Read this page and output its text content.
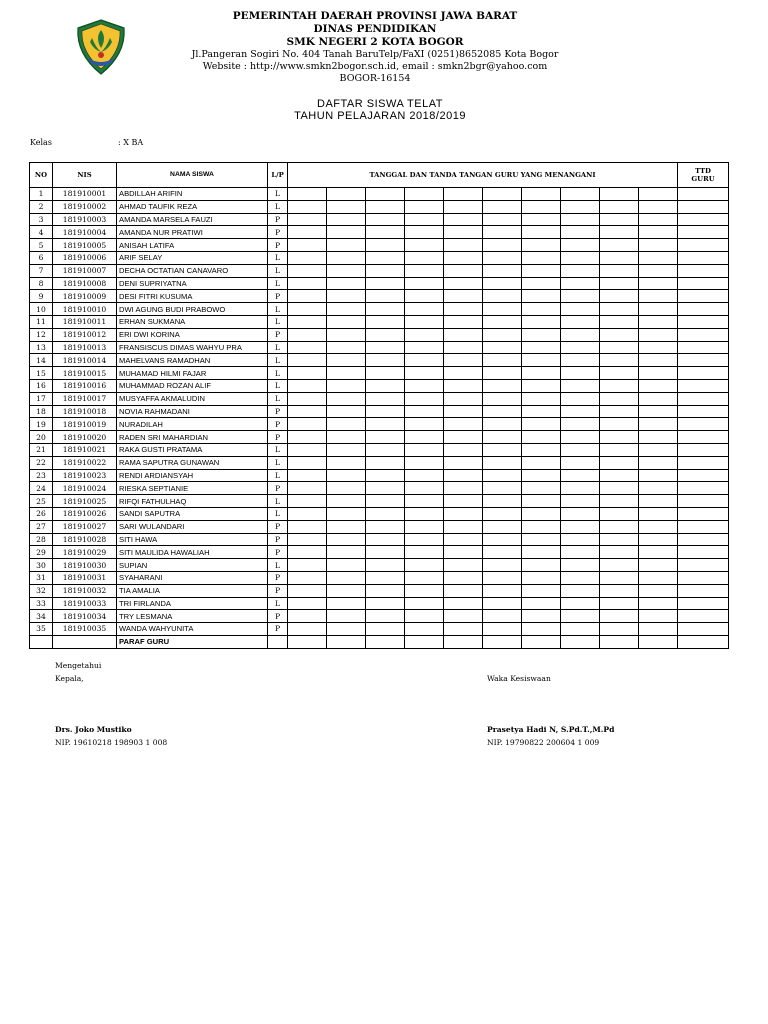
PEMERINTAH DAERAH PROVINSI JAWA BARAT
DINAS PENDIDIKAN
SMK NEGERI 2 KOTA BOGOR
Jl.Pangeran Sogiri No. 404 Tanah BaruTelp/FaXI (0251)8652085 Kota Bogor
Website : http://www.smkn2bogor.sch.id, email : smkn2bgr@yahoo.com
BOGOR-16154
DAFTAR SISWA TELAT
TAHUN PELAJARAN 2018/2019
Kelas	: X BA
NO	NIS	NAMA SISWA	L/P	TANGGAL DAN TANDA TANGAN GURU YANG MENANGANI										TTD
GURU

1	181910001	ABDILLAH ARIFIN	L											
2	181910002	AHMAD TAUFIK REZA	L											
3	181910003	AMANDA MARSELA FAUZI	P											
4	181910004	AMANDA NUR PRATIWI	P											
5	181910005	ANISAH LATIFA	P											
6	181910006	ARIF SELAY	L											
7	181910007	DECHA OCTATIAN CANAVARO	L											
8	181910008	DENI SUPRIYATNA	L											
9	181910009	DESI FITRI KUSUMA	P											
10	181910010	DWI AGUNG BUDI PRABOWO	L											
11	181910011	ERHAN SUKMANA	L											
12	181910012	ERI DWI KORINA	P											
13	181910013	FRANSISCUS DIMAS WAHYU PRA	L											
14	181910014	MAHELVANS RAMADHAN	L											
15	181910015	MUHAMAD HILMI FAJAR	L											
16	181910016	MUHAMMAD ROZAN ALIF	L											
17	181910017	MUSYAFFA AKMALUDIN	L											
18	181910018	NOVIA RAHMADANI	P											
19	181910019	NURADILAH	P											
20	181910020	RADEN SRI MAHARDIAN	P											
21	181910021	RAKA GUSTI PRATAMA	L											
22	181910022	RAMA SAPUTRA GUNAWAN	L											
23	181910023	RENDI ARDIANSYAH	L											
24	181910024	RIESKA SEPTIANIE	P											
25	181910025	RIFQI FATHULHAQ	L											
26	181910026	SANDI SAPUTRA	L											
27	181910027	SARI WULANDARI	P											
28	181910028	SITI HAWA	P											
29	181910029	SITI MAULIDA HAWALIAH	P											
30	181910030	SUPIAN	L											
31	181910031	SYAHARANI	P											
32	181910032	TIA AMALIA	P											
33	181910033	TRI FIRLANDA	L											
34	181910034	TRY LESMANA	P											
35	181910035	WANDA WAHYUNITA	P											
		PARAF GURU												
Mengetahui
Kepala,	Waka Kesiswaan
Drs. Joko Mustiko
NIP. 19610218 198903 1 008
Prasetya Hadi N, S.Pd.T.,M.Pd
NIP. 19790822 200604 1 009
